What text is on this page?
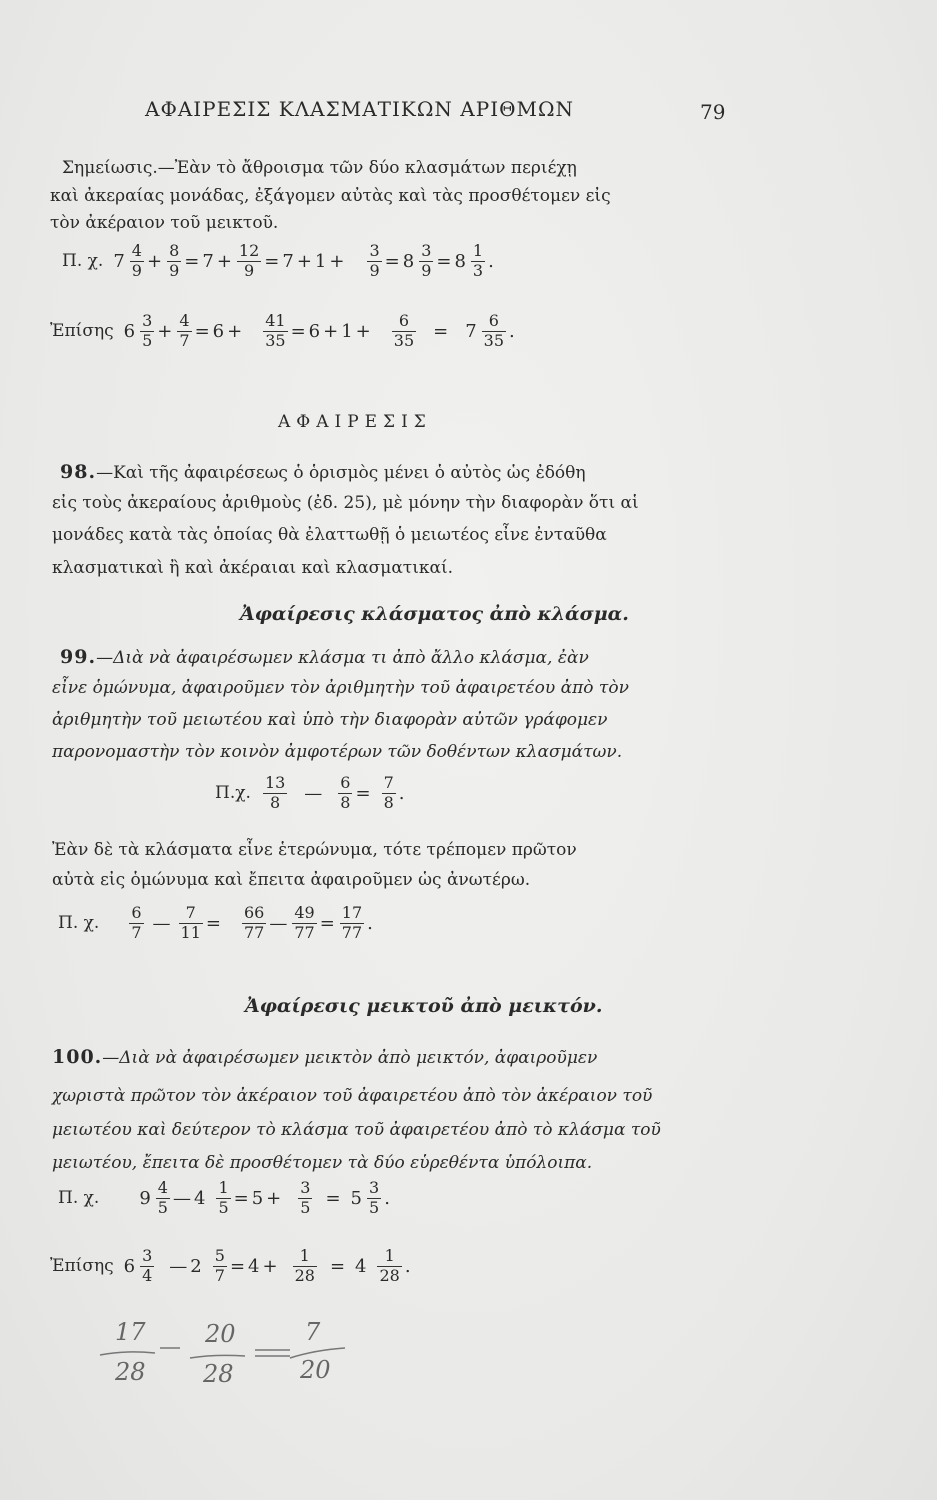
ΑΦΑΙΡΕΣΙΣ ΚΛΑΣΜΑΤΙΚΩΝ ΑΡΙΘΜΩΝ	79
Σημείωσις.—Ἐὰν τὸ ἄθροισμα τῶν δύο κλασμάτων περιέχῃ
καὶ ἀκεραίας μονάδας, ἐξάγομεν αὐτὰς καὶ τὰς προσθέτομεν εἰς
τὸν ἀκέραιον τοῦ μεικτοῦ.
Π. χ. $7 \frac{4}{9} + \frac{8}{9} = 7 + \frac{12}{9} = 7 + 1 + \frac{3}{9} = 8 \frac{3}{9} = 8 \frac{1}{3}$ .
Ἐπίσης $6 \frac{3}{5} + \frac{4}{7} = 6 + \frac{41}{35} = 6 + 1 + \frac{6}{35} = 7 \frac{6}{35}$ .
ΑΦΑΙΡΕΣΙΣ
98.—Καὶ τῆς ἀφαιρέσεως ὁ ὁρισμὸς μένει ὁ αὐτὸς ὡς ἐδόθη
εἰς τοὺς ἀκεραίους ἀριθμοὺς (ἐδ. 25), μὲ μόνην τὴν διαφορὰν ὅτι αἱ
μονάδες κατὰ τὰς ὁποίας θὰ ἐλαττωθῇ ὁ μειωτέος εἶνε ἐνταῦθα
κλασματικαὶ ἢ καὶ ἀκέραιαι καὶ κλασματικαί.
Ἀφαίρεσις κλάσματος ἀπὸ κλάσμα.
99.—Διὰ νὰ ἀφαιρέσωμεν κλάσμα τι ἀπὸ ἄλλο κλάσμα, ἐὰν
εἶνε ὁμώνυμα, ἀφαιροῦμεν τὸν ἀριθμητὴν τοῦ ἀφαιρετέου ἀπὸ τὸν
ἀριθμητὴν τοῦ μειωτέου καὶ ὑπὸ τὴν διαφορὰν αὐτῶν γράφομεν
παρονομαστὴν τὸν κοινὸν ἀμφοτέρων τῶν δοθέντων κλασμάτων.
Π.χ. $\frac{13}{8}$ — $\frac{6}{8} = \frac{7}{8}$ .
Ἐὰν δὲ τὰ κλάσματα εἶνε ἑτερώνυμα, τότε τρέπομεν πρῶτον
αὐτὰ εἰς ὁμώνυμα καὶ ἔπειτα ἀφαιροῦμεν ὡς ἀνωτέρω.
Π. χ. $\frac{6}{7}$ — $\frac{7}{11} = \frac{66}{77}$ — $\frac{49}{77} = \frac{17}{77}$ .
Ἀφαίρεσις μεικτοῦ ἀπὸ μεικτόν.
100.—Διὰ νὰ ἀφαιρέσωμεν μεικτὸν ἀπὸ μεικτόν, ἀφαιροῦμεν
χωριστὰ πρῶτον τὸν ἀκέραιον τοῦ ἀφαιρετέου ἀπὸ τὸν ἀκέραιον τοῦ
μειωτέου καὶ δεύτερον τὸ κλάσμα τοῦ ἀφαιρετέου ἀπὸ τὸ κλάσμα τοῦ
μειωτέου, ἔπειτα δὲ προσθέτομεν τὰ δύο εὑρεθέντα ὑπόλοιπα.
Π. χ. $9 \frac{4}{5}$ — $4 \frac{1}{5} = 5 + \frac{3}{5} = 5 \frac{3}{5}$ .
Ἐπίσης $6 \frac{3}{4}$ — $2 \frac{5}{7} = 4 + \frac{1}{28} = 4 \frac{1}{28}$ .
17
28
20
28
7
20
